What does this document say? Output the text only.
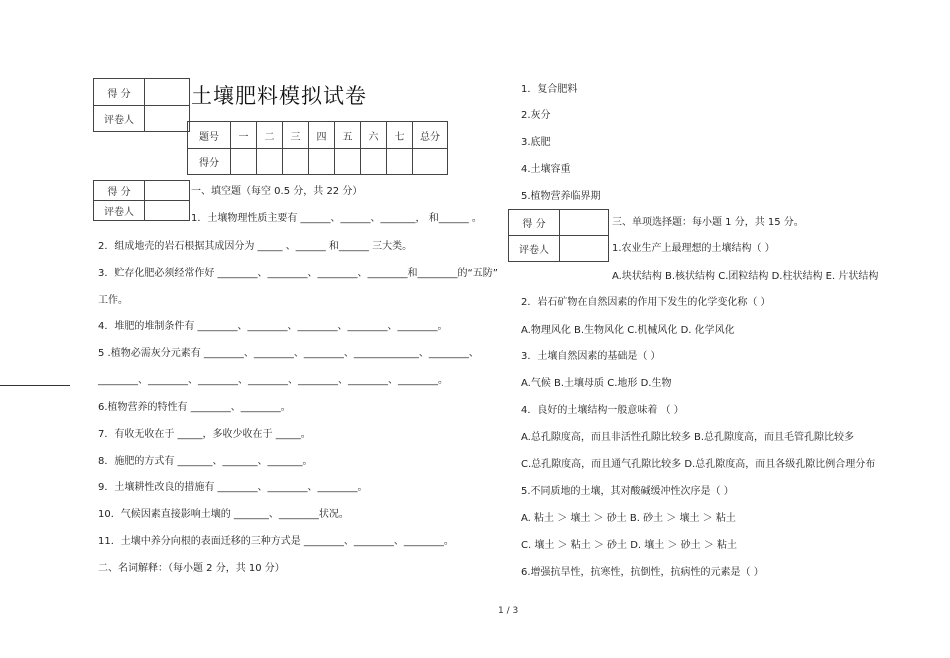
得 分	
评卷人	
土壤肥料模拟试卷
题号	一	二	三	四	五	六	七	总分
得分								
得 分	
评卷人	
一、填空题（每空 0.5 分，共 22 分）
1．土壤物理性质主要有 ______、______、_______， 和______ 。
2．组成地壳的岩石根据其成因分为 _____ 、______ 和______ 三大类。
3．贮存化肥必须经常作好 ________、________、________、________和________的“五防”
工作。
4．堆肥的堆制条件有 ________、________、________、________、________。
5 .植物必需灰分元素有 ________、________、________、_____________、________、
________、________、________、________、________、________、________。
6.植物营养的特性有 ________、________。
7．有收无收在于 _____，多收少收在于 _____。
8．施肥的方式有 _______、_______、_______。
9．土壤耕性改良的措施有 ________、________、________。
10．气候因素直接影响土壤的 _______、________状况。
11．土壤中养分向根的表面迁移的三种方式是 ________、________、________。
二、名词解释：（每小题 2 分，共 10 分）
1．复合肥料
2.灰分
3.底肥
4.土壤容重
5.植物营养临界期
得 分	
评卷人	
三、单项选择题：每小题 1 分，共 15 分。
1.农业生产上最理想的土壤结构（ ）
A.块状结构 B.核状结构 C.团粒结构 D.柱状结构 E. 片状结构
2．岩石矿物在自然因素的作用下发生的化学变化称（ ）
A.物理风化 B.生物风化 C.机械风化 D. 化学风化
3．土壤自然因素的基础是（ ）
A.气候 B.土壤母质 C.地形 D.生物
4．良好的土壤结构一般意味着 （ ）
A.总孔隙度高，而且非活性孔隙比较多 B.总孔隙度高，而且毛管孔隙比较多
C.总孔隙度高，而且通气孔隙比较多 D.总孔隙度高，而且各级孔隙比例合理分布
5.不同质地的土壤，其对酸碱缓冲性次序是（ ）
A. 粘土 ＞ 壤土 ＞ 砂土 B. 砂土 ＞ 壤土 ＞ 粘土
C. 壤土 ＞ 粘土 ＞ 砂土 D. 壤土 ＞ 砂土 ＞ 粘土
6.增强抗旱性，抗寒性，抗倒性，抗病性的元素是（ ）
1 / 3
